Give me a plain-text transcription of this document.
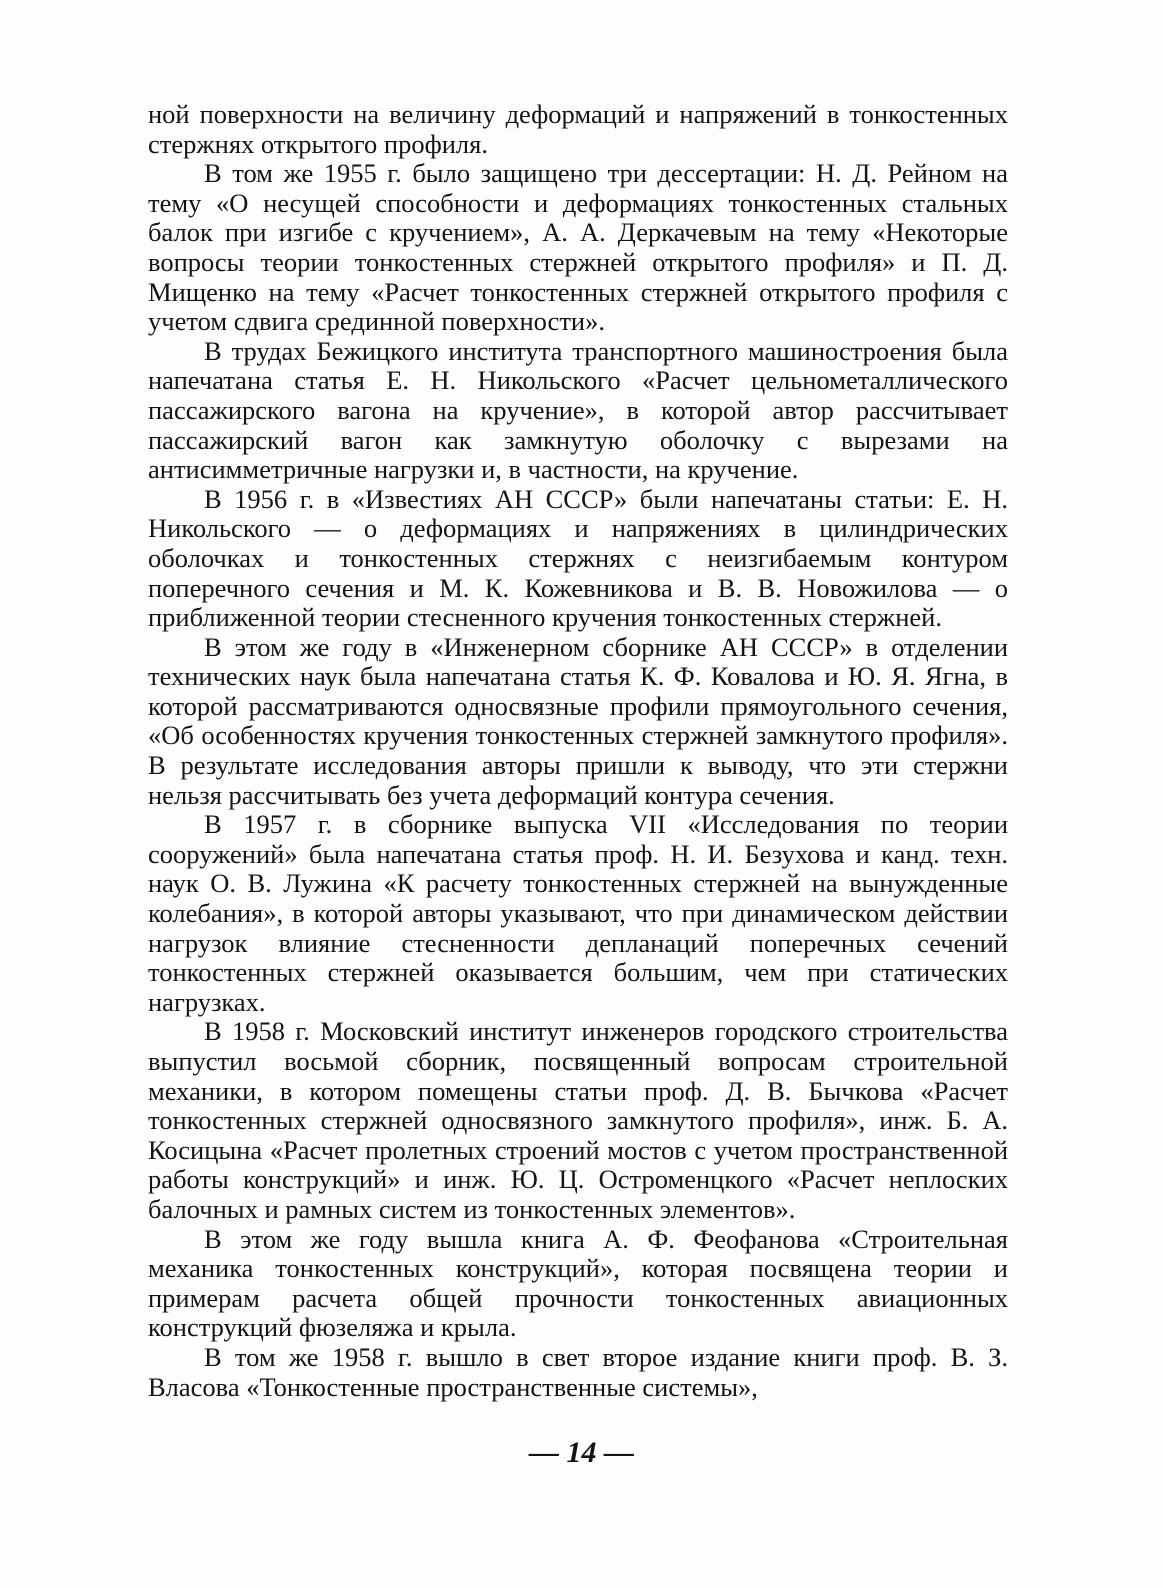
ной поверхности на величину деформаций и напряжений в тонкостенных стержнях открытого профиля.

В том же 1955 г. было защищено три дессертации: Н. Д. Рейном на тему «О несущей способности и деформациях тонкостенных стальных балок при изгибе с кручением», А. А. Деркачевым на тему «Некоторые вопросы теории тонкостенных стержней открытого профиля» и П. Д. Мищенко на тему «Расчет тонкостенных стержней открытого профиля с учетом сдвига срединной поверхности».

В трудах Бежицкого института транспортного машиностроения была напечатана статья Е. Н. Никольского «Расчет цельнометаллического пассажирского вагона на кручение», в которой автор рассчитывает пассажирский вагон как замкнутую оболочку с вырезами на антисимметричные нагрузки и, в частности, на кручение.

В 1956 г. в «Известиях АН СССР» были напечатаны статьи: Е. Н. Никольского — о деформациях и напряжениях в цилиндрических оболочках и тонкостенных стержнях с неизгибаемым контуром поперечного сечения и М. К. Кожевникова и В. В. Новожилова — о приближенной теории стесненного кручения тонкостенных стержней.

В этом же году в «Инженерном сборнике АН СССР» в отделении технических наук была напечатана статья К. Ф. Ковалова и Ю. Я. Ягна, в которой рассматриваются односвязные профили прямоугольного сечения, «Об особенностях кручения тонкостенных стержней замкнутого профиля». В результате исследования авторы пришли к выводу, что эти стержни нельзя рассчитывать без учета деформаций контура сечения.

В 1957 г. в сборнике выпуска VII «Исследования по теории сооружений» была напечатана статья проф. Н. И. Безухова и канд. техн. наук О. В. Лужина «К расчету тонкостенных стержней на вынужденные колебания», в которой авторы указывают, что при динамическом действии нагрузок влияние стесненности депланаций поперечных сечений тонкостенных стержней оказывается большим, чем при статических нагрузках.

В 1958 г. Московский институт инженеров городского строительства выпустил восьмой сборник, посвященный вопросам строительной механики, в котором помещены статьи проф. Д. В. Бычкова «Расчет тонкостенных стержней односвязного замкнутого профиля», инж. Б. А. Косицына «Расчет пролетных строений мостов с учетом пространственной работы конструкций» и инж. Ю. Ц. Остроменцкого «Расчет неплоских балочных и рамных систем из тонкостенных элементов».

В этом же году вышла книга А. Ф. Феофанова «Строительная механика тонкостенных конструкций», которая посвящена теории и примерам расчета общей прочности тонкостенных авиационных конструкций фюзеляжа и крыла.

В том же 1958 г. вышло в свет второе издание книги проф. В. З. Власова «Тонкостенные пространственные системы»,

— 14 —
